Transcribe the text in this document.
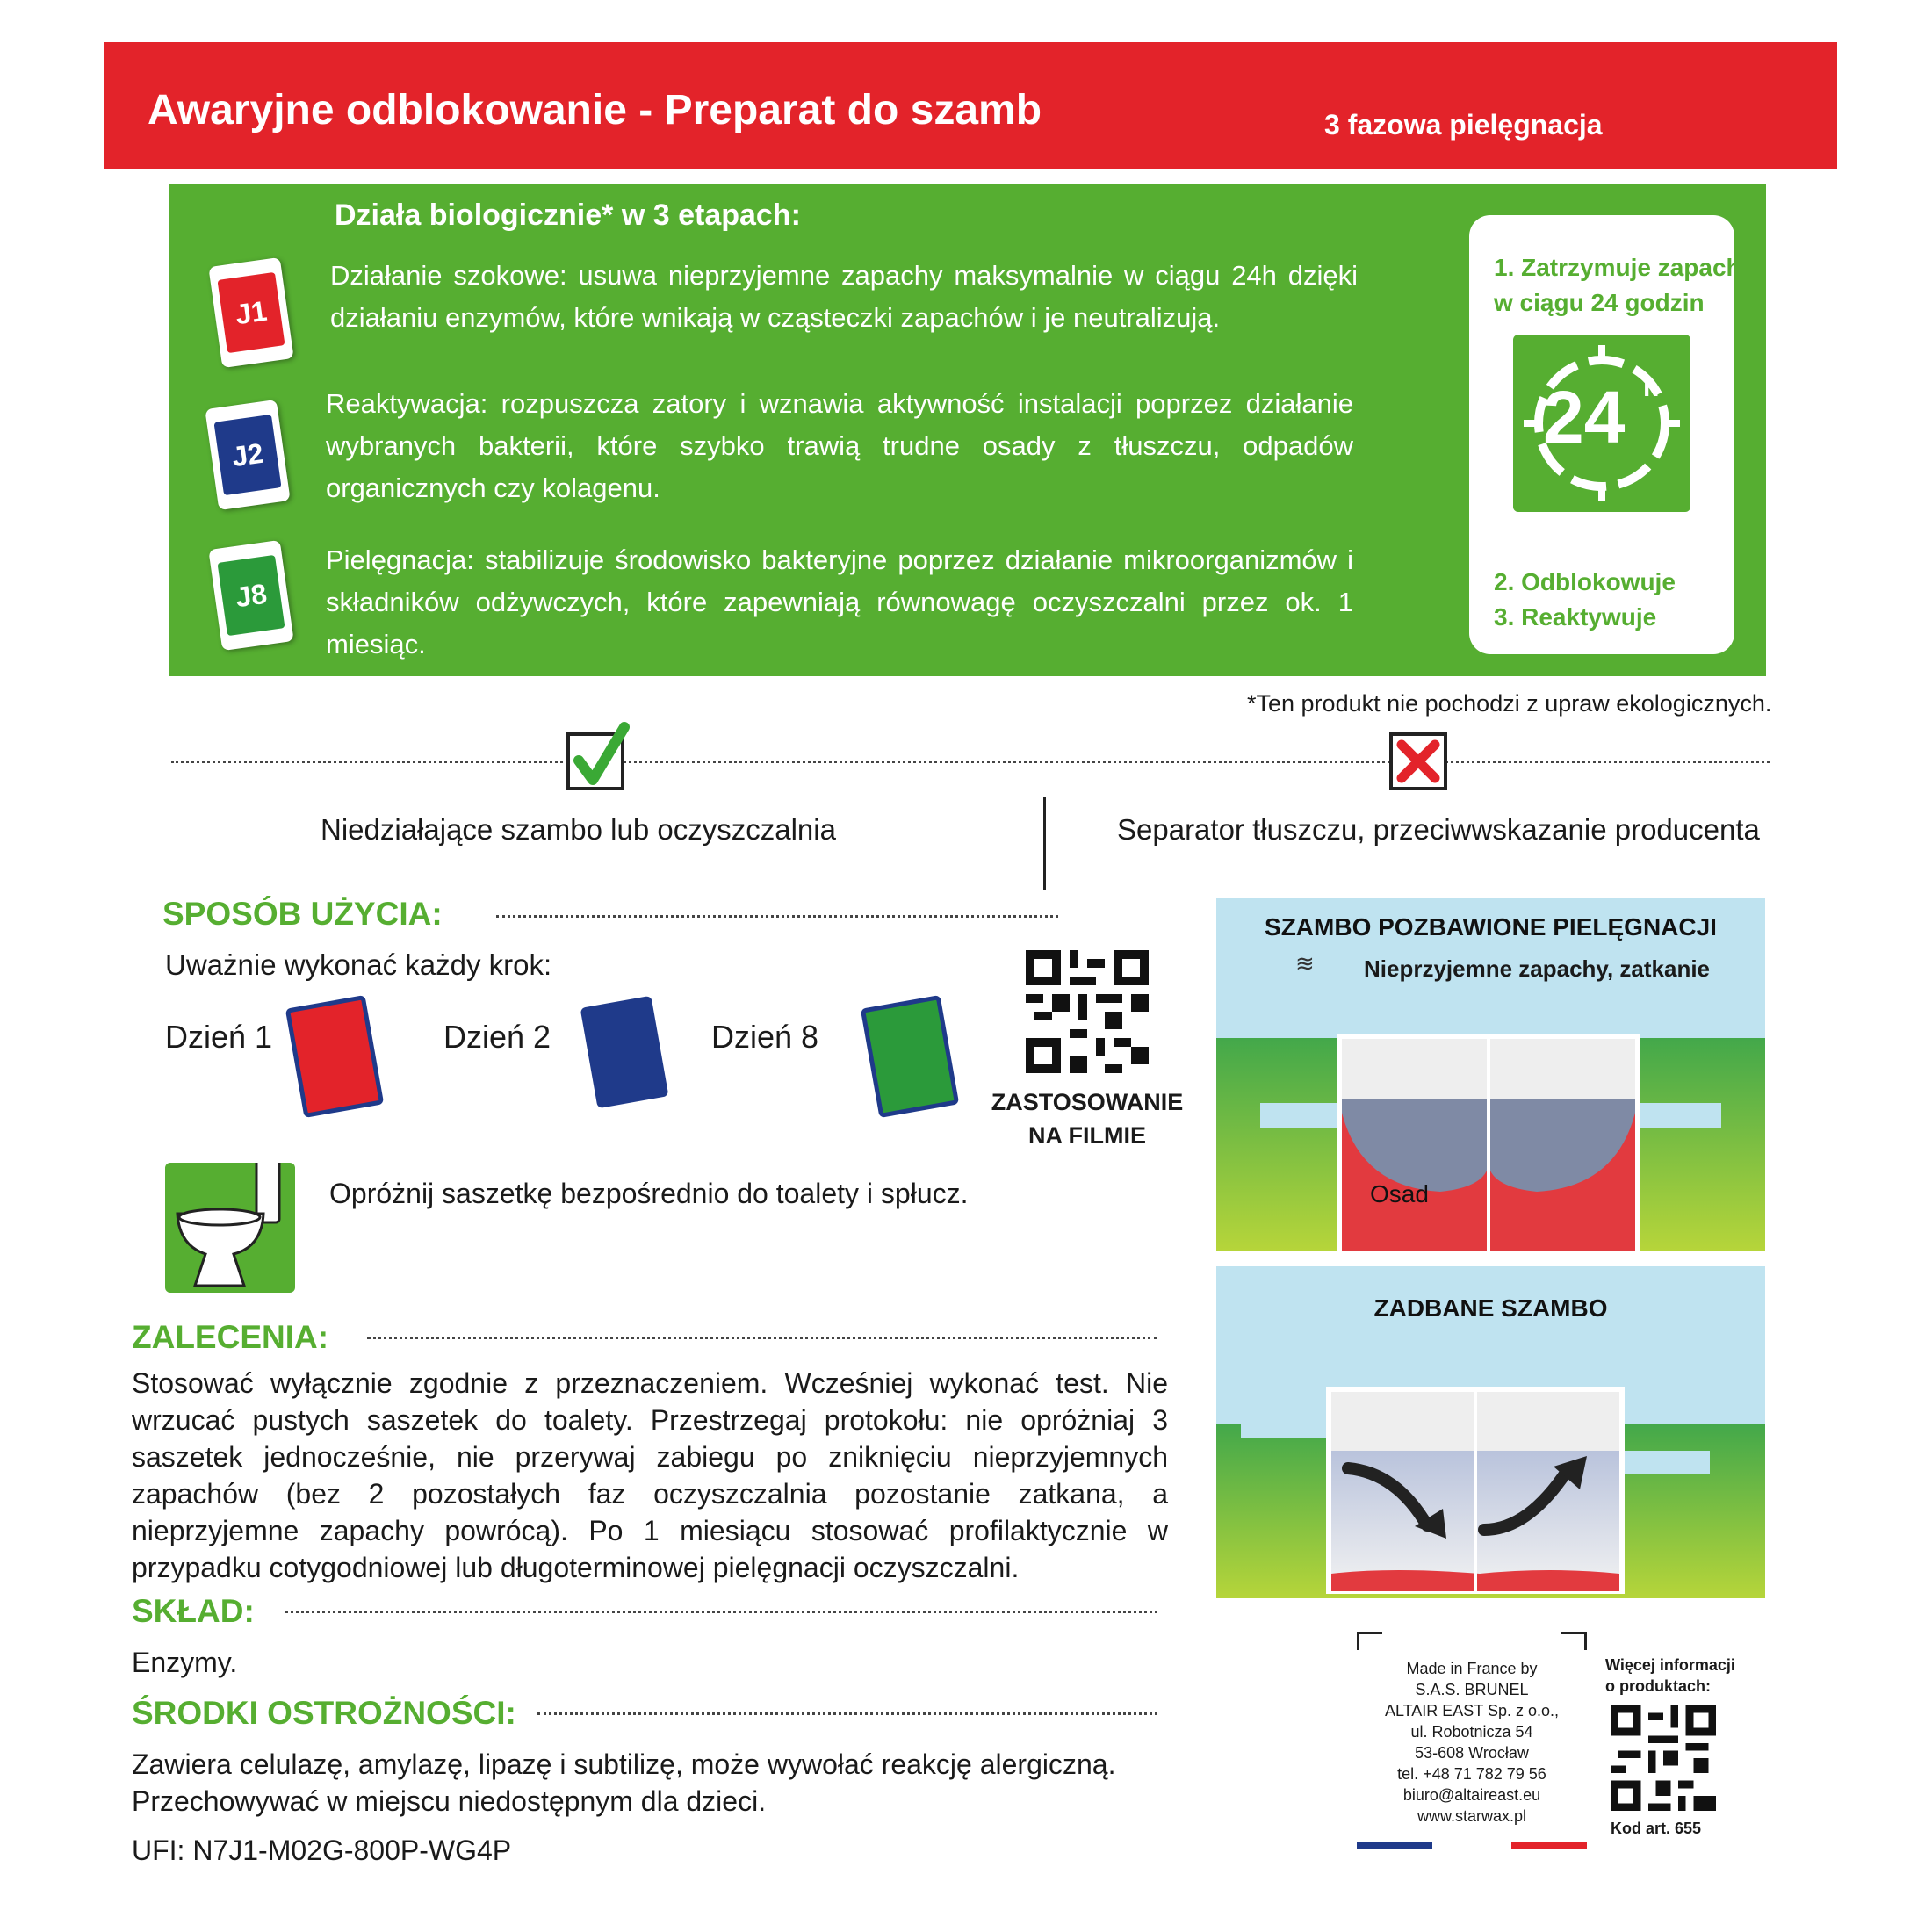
Awaryjne odblokowanie - Preparat do szamb	3 fazowa pielęgnacja
Działa biologicznie* w 3 etapach:
J1
Działanie szokowe: usuwa nieprzyjemne zapachy maksymalnie w ciągu 24h dzięki działaniu enzymów, które wnikają w cząsteczki zapachów i je neutralizują.
J2
Reaktywacja: rozpuszcza zatory i wznawia aktywność instalacji poprzez działanie wybranych bakterii, które szybko trawią trudne osady z tłuszczu, odpadów organicznych czy kolagenu.
J8
Pielęgnacja: stabilizuje środowisko bakteryjne poprzez działanie mikroorganizmów i składników odżywczych, które zapewniają równowagę oczyszczalni przez ok. 1 miesiąc.
1. Zatrzymuje zapach
w ciągu 24 godzin
24 h
2. Odblokowuje
3. Reaktywuje
*Ten produkt nie pochodzi z upraw ekologicznych.
Niedziałające szambo lub oczyszczalnia	Separator tłuszczu, przeciwwskazanie producenta
SPOSÓB UŻYCIA:
Uważnie wykonać każdy krok:
Dzień 1	Dzień 2	Dzień 8
ZASTOSOWANIE
NA FILMIE
Opróżnij saszetkę bezpośrednio do toalety i spłucz.
ZALECENIA:
Stosować wyłącznie zgodnie z przeznaczeniem. Wcześniej wykonać test. Nie wrzucać pustych saszetek do toalety. Przestrzegaj protokołu: nie opróżniaj 3 saszetek jednocześnie, nie przerywaj zabiegu po zniknięciu nieprzyjemnych zapachów (bez 2 pozostałych faz oczyszczalnia pozostanie zatkana, a nieprzyjemne zapachy powrócą). Po 1 miesiącu stosować profilaktycznie w przypadku cotygodniowej lub długoterminowej pielęgnacji oczyszczalni.
SKŁAD:
Enzymy.
ŚRODKI OSTROŻNOŚCI:
Zawiera celulazę, amylazę, lipazę i subtilizę, może wywołać reakcję alergiczną.
Przechowywać w miejscu niedostępnym dla dzieci.
UFI: N7J1-M02G-800P-WG4P
SZAMBO POZBAWIONE PIELĘGNACJI
≋ Nieprzyjemne zapachy, zatkanie
Osad
ZADBANE SZAMBO
Made in France by
S.A.S. BRUNEL
ALTAIR EAST Sp. z o.o.,
ul. Robotnicza 54
53-608 Wrocław
tel. +48 71 782 79 56
biuro@altaireast.eu
www.starwax.pl
Więcej informacji
o produktach:
Kod art. 655
